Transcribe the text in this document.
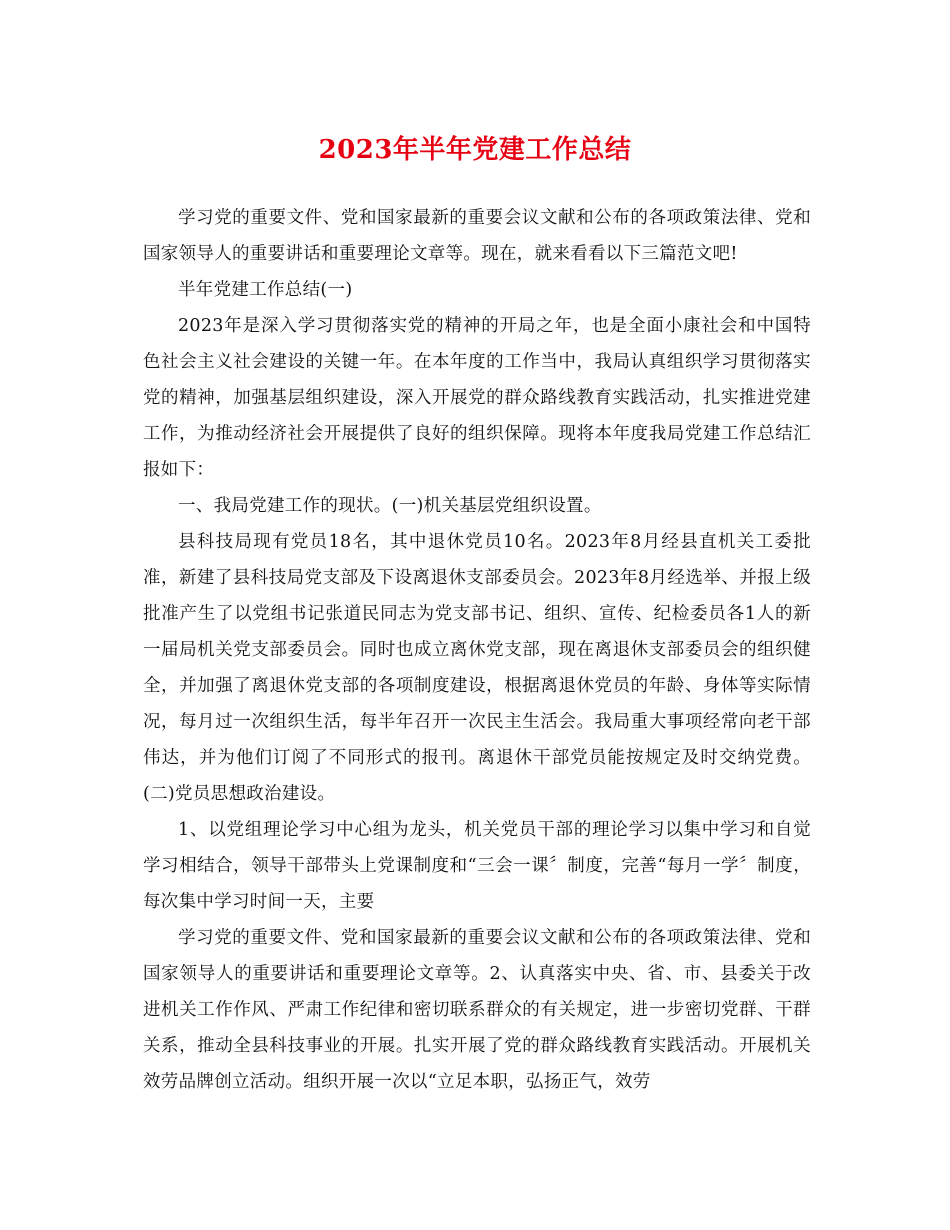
2023年半年党建工作总结

学习党的重要文件、党和国家最新的重要会议文献和公布的各项政策法律、党和国家领导人的重要讲话和重要理论文章等。现在，就来看看以下三篇范文吧!

半年党建工作总结(一)

2023年是深入学习贯彻落实党的精神的开局之年，也是全面小康社会和中国特色社会主义社会建设的关键一年。在本年度的工作当中，我局认真组织学习贯彻落实党的精神，加强基层组织建设，深入开展党的群众路线教育实践活动，扎实推进党建工作，为推动经济社会开展提供了良好的组织保障。现将本年度我局党建工作总结汇报如下：

一、我局党建工作的现状。(一)机关基层党组织设置。

县科技局现有党员18名，其中退休党员10名。2023年8月经县直机关工委批准，新建了县科技局党支部及下设离退休支部委员会。2023年8月经选举、并报上级批准产生了以党组书记张道民同志为党支部书记、组织、宣传、纪检委员各1人的新一届局机关党支部委员会。同时也成立离休党支部，现在离退休支部委员会的组织健全，并加强了离退休党支部的各项制度建设，根据离退休党员的年龄、身体等实际情况，每月过一次组织生活，每半年召开一次民主生活会。我局重大事项经常向老干部伟达，并为他们订阅了不同形式的报刊。离退休干部党员能按规定及时交纳党费。(二)党员思想政治建设。

1、以党组理论学习中心组为龙头，机关党员干部的理论学习以集中学习和自觉学习相结合，领导干部带头上党课制度和“三会一课〞制度，完善“每月一学〞制度，每次集中学习时间一天，主要

学习党的重要文件、党和国家最新的重要会议文献和公布的各项政策法律、党和国家领导人的重要讲话和重要理论文章等。2、认真落实中央、省、市、县委关于改进机关工作作风、严肃工作纪律和密切联系群众的有关规定，进一步密切党群、干群关系，推动全县科技事业的开展。扎实开展了党的群众路线教育实践活动。开展机关效劳品牌创立活动。组织开展一次以“立足本职，弘扬正气，效劳
